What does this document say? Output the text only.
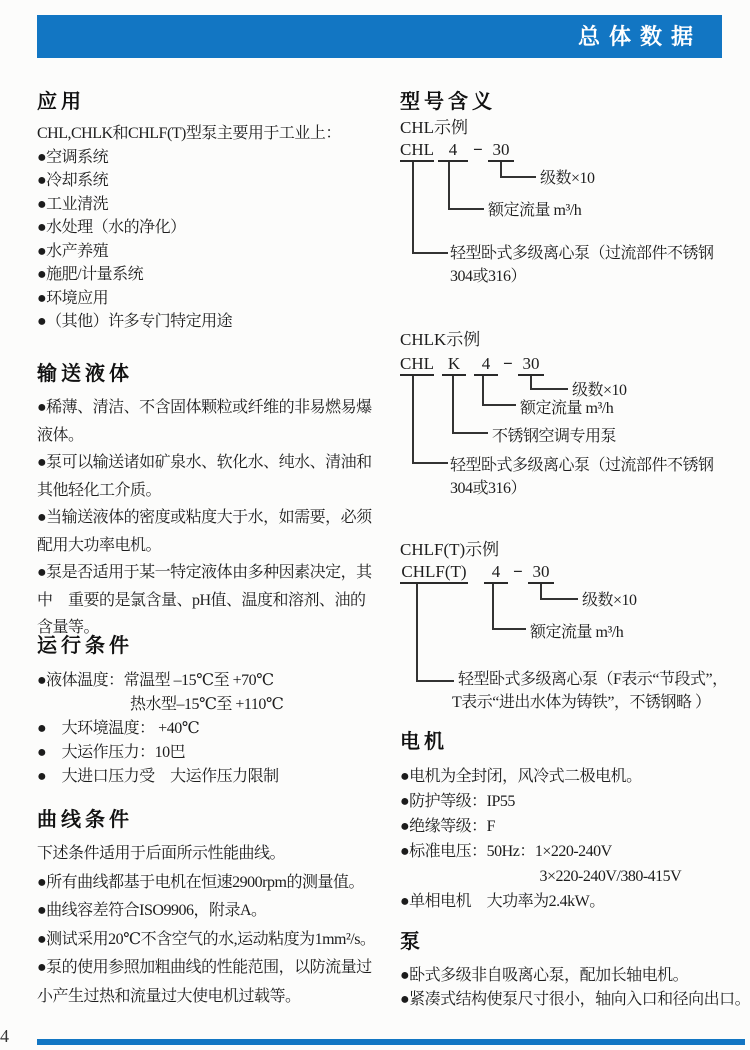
总体数据
应用
CHL,CHLK和CHLF(T)型泵主要用于工业上：
●空调系统
●冷却系统
●工业清洗
●水处理（水的净化）
●水产养殖
●施肥/计量系统
●环境应用
●（其他）许多专门特定用途
输送液体
●稀薄、清洁、不含固体颗粒或纤维的非易燃易爆
液体。
●泵可以输送诸如矿泉水、软化水、纯水、清油和
其他轻化工介质。
●当输送液体的密度或粘度大于水，如需要，必须
配用大功率电机。
●泵是否适用于某一特定液体由多种因素决定，其
中　重要的是氯含量、pH值、温度和溶剂、油的
含量等。
运行条件
●液体温度：常温型 –15℃至 +70℃
　　　　　　热水型–15℃至 +110℃
●　大环境温度： +40℃
●　大运作压力：10巴
●　大进口压力受　大运作压力限制
曲线条件
下述条件适用于后面所示性能曲线。
●所有曲线都基于电机在恒速2900rpm的测量值。
●曲线容差符合ISO9906，附录A。
●测试采用20℃不含空气的水,运动粘度为1mm²/s。
●泵的使用参照加粗曲线的性能范围，以防流量过
小产生过热和流量过大使电机过载等。
型号含义
CHL示例
CHL 4 − 30
级数×10
额定流量 m³/h
轻型卧式多级离心泵（过流部件不锈钢
304或316）
CHLK示例
CHL K	4 − 30
级数×10
额定流量 m³/h
不锈钢空调专用泵
轻型卧式多级离心泵（过流部件不锈钢
304或316）
CHLF(T)示例
CHLF(T)	4 − 30
级数×10
额定流量 m³/h
轻型卧式多级离心泵（F表示“节段式”，
T表示“进出水体为铸铁”，不锈钢略 ）
电机
●电机为全封闭，风冷式二极电机。
●防护等级：IP55
●绝缘等级：F
●标准电压：50Hz：1×220-240V
　　　　　　　　　3×220-240V/380-415V
●单相电机　大功率为2.4kW。
泵
●卧式多级非自吸离心泵，配加长轴电机。
●紧凑式结构使泵尺寸很小，轴向入口和径向出口。
4
